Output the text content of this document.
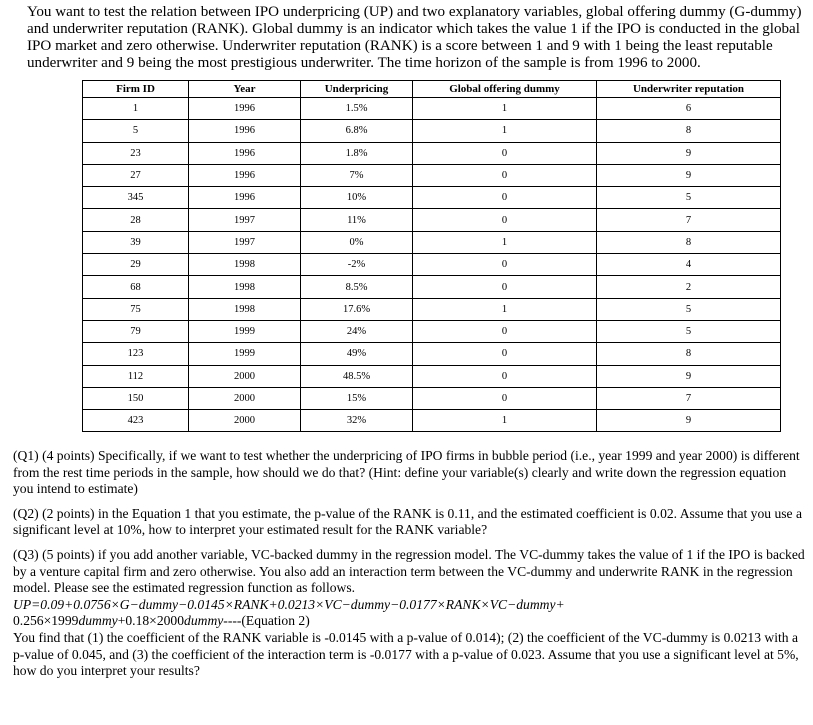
You want to test the relation between IPO underpricing (UP) and two explanatory variables, global offering dummy (G-dummy) and underwriter reputation (RANK). Global dummy is an indicator which takes the value 1 if the IPO is conducted in the global IPO market and zero otherwise. Underwriter reputation (RANK) is a score between 1 and 9 with 1 being the least reputable underwriter and 9 being the most prestigious underwriter. The time horizon of the sample is from 1996 to 2000.
Firm ID	Year	Underpricing	Global offering dummy	Underwriter reputation
1	1996	1.5%	1	6
5	1996	6.8%	1	8
23	1996	1.8%	0	9
27	1996	7%	0	9
345	1996	10%	0	5
28	1997	11%	0	7
39	1997	0%	1	8
29	1998	-2%	0	4
68	1998	8.5%	0	2
75	1998	17.6%	1	5
79	1999	24%	0	5
123	1999	49%	0	8
112	2000	48.5%	0	9
150	2000	15%	0	7
423	2000	32%	1	9

(Q1) (4 points) Specifically, if we want to test whether the underpricing of IPO firms in bubble period (i.e., year 1999 and year 2000) is different from the rest time periods in the sample, how should we do that? (Hint: define your variable(s) clearly and write down the regression equation you intend to estimate)

(Q2) (2 points) in the Equation 1 that you estimate, the p-value of the RANK is 0.11, and the estimated coefficient is 0.02. Assume that you use a significant level at 10%, how to interpret your estimated result for the RANK variable?

(Q3) (5 points) if you add another variable, VC-backed dummy in the regression model. The VC-dummy takes the value of 1 if the IPO is backed by a venture capital firm and zero otherwise. You also add an interaction term between the VC-dummy and underwrite RANK in the regression model. Please see the estimated regression function as follows.
UP=0.09+0.0756×G−dummy−0.0145×RANK+0.0213×VC−dummy−0.0177×RANK×VC−dummy+
0.256×1999dummy+0.18×2000dummy----(Equation 2)
You find that (1) the coefficient of the RANK variable is -0.0145 with a p-value of 0.014); (2) the coefficient of the VC-dummy is 0.0213 with a p-value of 0.045, and (3) the coefficient of the interaction term is -0.0177 with a p-value of 0.023. Assume that you use a significant level at 5%, how do you interpret your results?
